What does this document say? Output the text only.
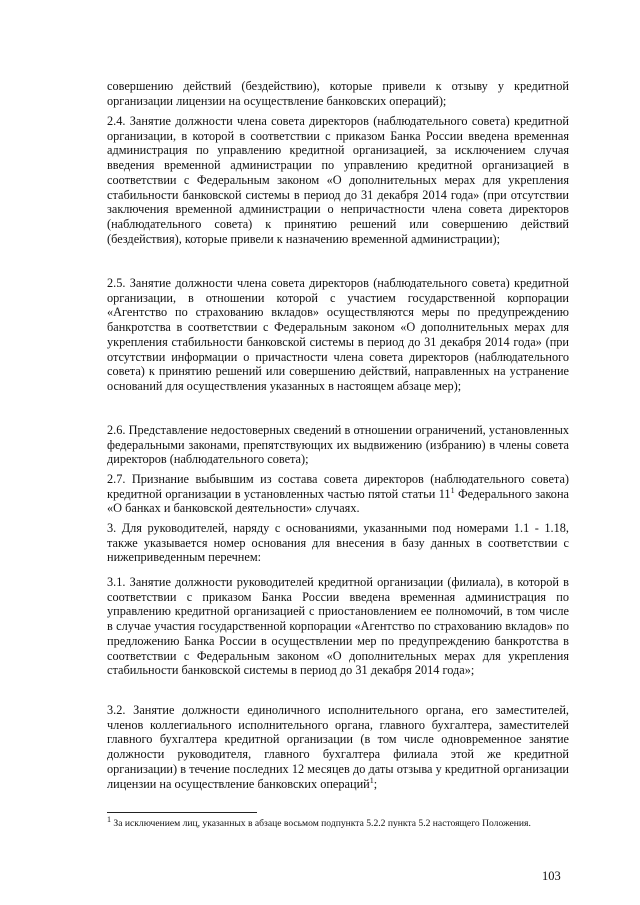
совершению действий (бездействию), которые привели к отзыву у кредитной организации лицензии на осуществление банковских операций);

2.4. Занятие должности члена совета директоров (наблюдательного совета) кредитной организации, в которой в соответствии с приказом Банка России введена временная администрация по управлению кредитной организацией, за исключением случая введения временной администрации по управлению кредитной организацией в соответствии с Федеральным законом «О дополнительных мерах для укрепления стабильности банковской системы в период до 31 декабря 2014 года» (при отсутствии заключения временной администрации о непричастности члена совета директоров (наблюдательного совета) к принятию решений или совершению действий (бездействия), которые привели к назначению временной администрации);

2.5. Занятие должности члена совета директоров (наблюдательного совета) кредитной организации, в отношении которой с участием государственной корпорации «Агентство по страхованию вкладов» осуществляются меры по предупреждению банкротства в соответствии с Федеральным законом «О дополнительных мерах для укрепления стабильности банковской системы в период до 31 декабря 2014 года» (при отсутствии информации о причастности члена совета директоров (наблюдательного совета) к принятию решений или совершению действий, направленных на устранение оснований для осуществления указанных в настоящем абзаце мер);

2.6. Представление недостоверных сведений в отношении ограничений, установленных федеральными законами, препятствующих их выдвижению (избранию) в члены совета директоров (наблюдательного совета);

2.7. Признание выбывшим из состава совета директоров (наблюдательного совета) кредитной организации в установленных частью пятой статьи $11^1$ Федерального закона «О банках и банковской деятельности» случаях.

3. Для руководителей, наряду с основаниями, указанными под номерами 1.1 - 1.18, также указывается номер основания для внесения в базу данных в соответствии с нижеприведенным перечнем:

3.1. Занятие должности руководителей кредитной организации (филиала), в которой в соответствии с приказом Банка России введена временная администрация по управлению кредитной организацией с приостановлением ее полномочий, в том числе в случае участия государственной корпорации «Агентство по страхованию вкладов» по предложению Банка России в осуществлении мер по предупреждению банкротства в соответствии с Федеральным законом «О дополнительных мерах для укрепления стабильности банковской системы в период до 31 декабря 2014 года»;

3.2. Занятие должности единоличного исполнительного органа, его заместителей, членов коллегиального исполнительного органа, главного бухгалтера, заместителей главного бухгалтера кредитной организации (в том числе одновременное занятие должности руководителя, главного бухгалтера филиала этой же кредитной организации) в течение последних 12 месяцев до даты отзыва у кредитной организации лицензии на осуществление банковских операций$^1$;

$^1$ За исключением лиц, указанных в абзаце восьмом подпункта 5.2.2 пункта 5.2 настоящего Положения.

103
